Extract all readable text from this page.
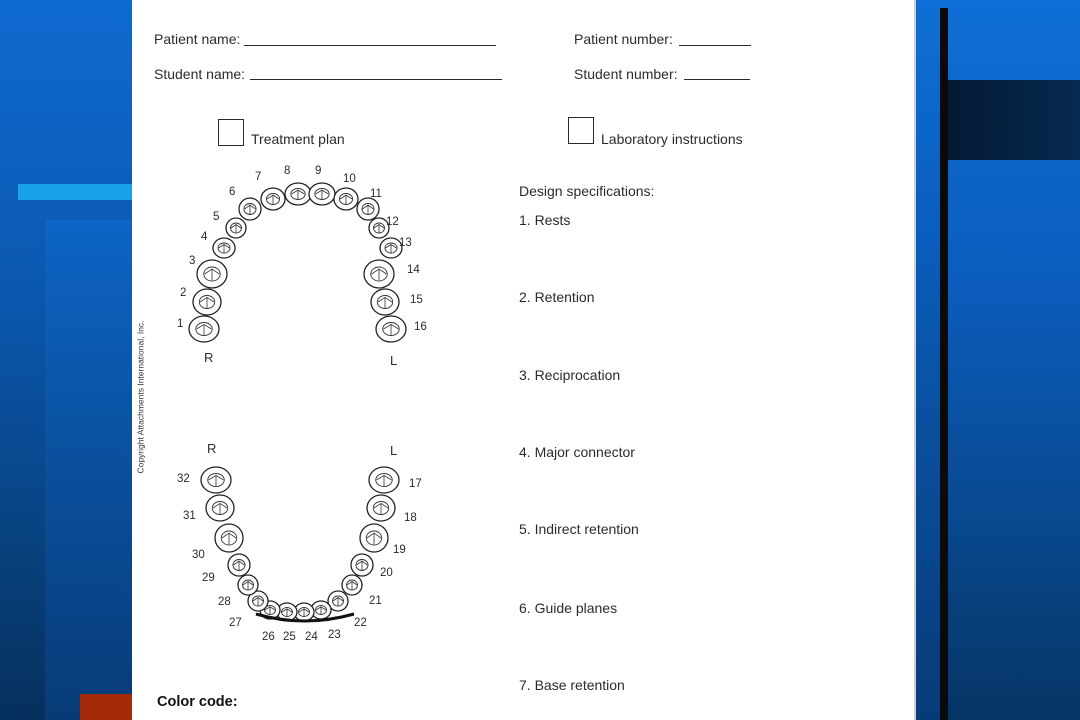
Patient name:	Patient number:
Student name:	Student number:
Treatment plan	Laboratory instructions
Copyright Attachments International, Inc.
Design specifications:
1. Rests
2. Retention
3. Reciprocation
4. Major connector
5. Indirect retention
6. Guide planes
7. Base retention
Color code:
R	L
R	L
1
2
3
4
5
6
7 8 9
10
11
12
13
14
15
16
17
18
19
20
21
22
23
24
25
26
27
28
29
30
31
32
